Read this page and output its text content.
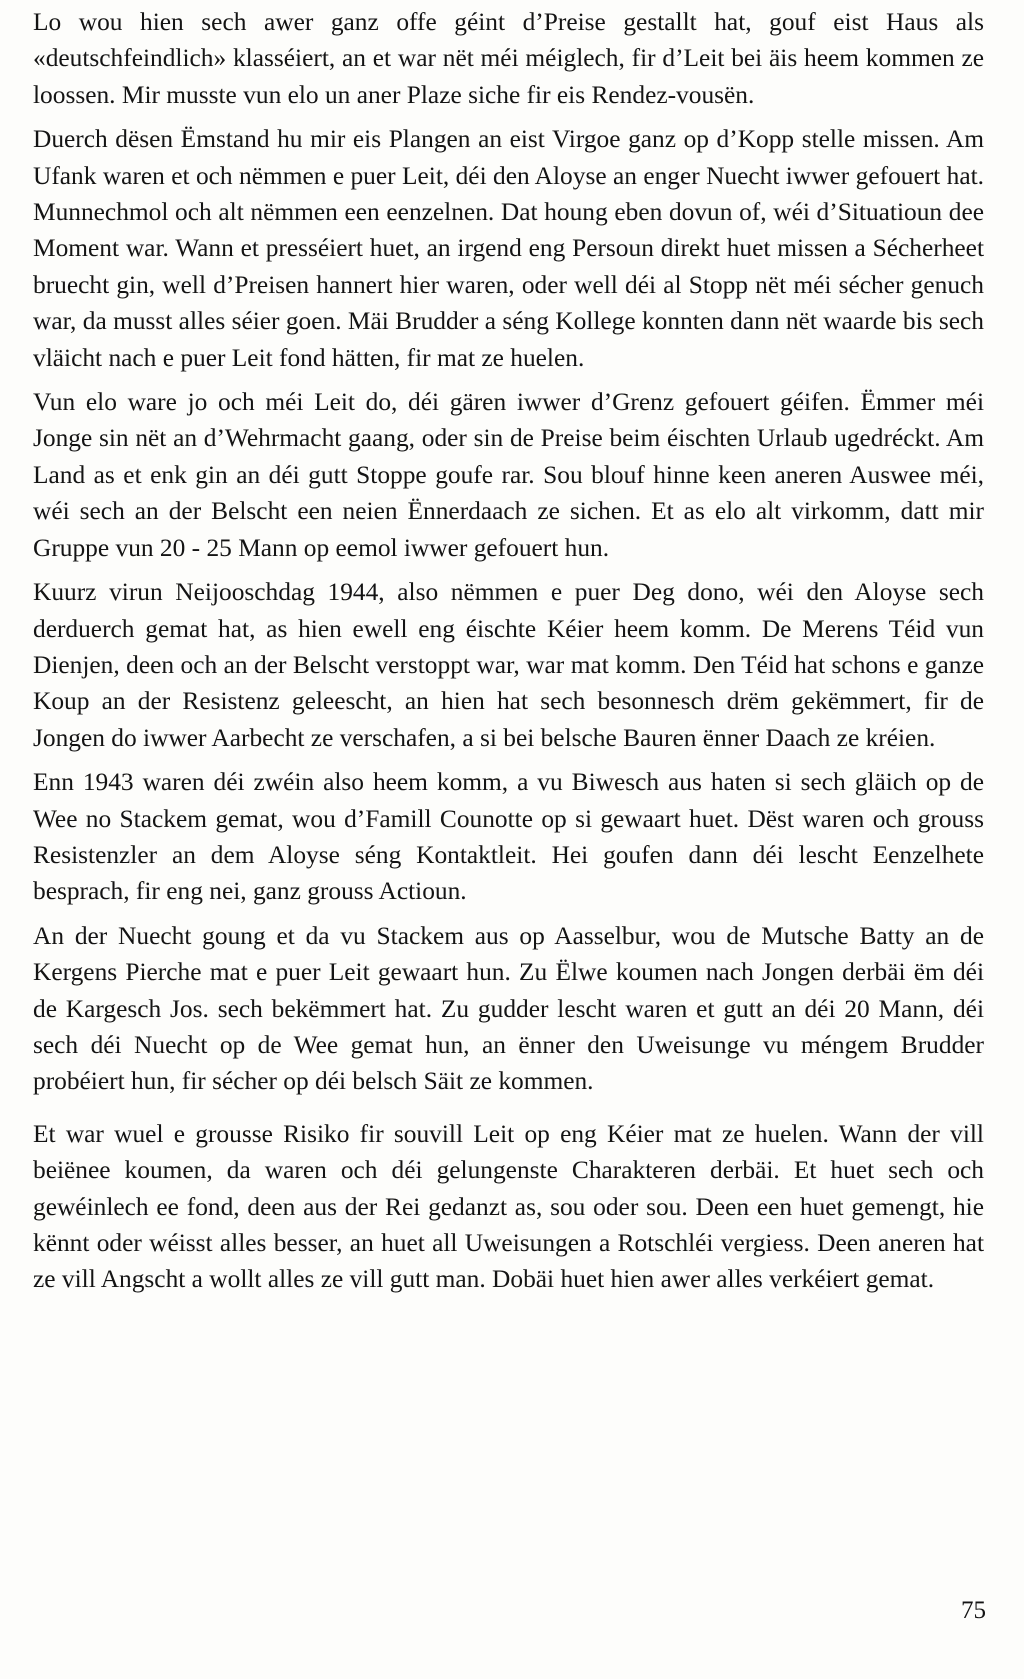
Lo wou hien sech awer ganz offe géint d’Preise gestallt hat, gouf eist Haus als «deutschfeindlich» klasséiert, an et war nët méi méiglech, fir d’Leit bei äis heem kommen ze loossen. Mir musste vun elo un aner Plaze siche fir eis Rendez-vousën.

Duerch dësen Ëmstand hu mir eis Plangen an eist Virgoe ganz op d’Kopp stelle missen. Am Ufank waren et och nëmmen e puer Leit, déi den Aloyse an enger Nuecht iwwer gefouert hat. Munnechmol och alt nëmmen een eenzelnen. Dat houng eben dovun of, wéi d’Situatioun dee Moment war. Wann et presséiert huet, an irgend eng Persoun direkt huet missen a Sécherheet bruecht gin, well d’Preisen hannert hier waren, oder well déi al Stopp nët méi sécher genuch war, da musst alles séier goen. Mäi Brudder a séng Kollege konnten dann nët waarde bis sech vläicht nach e puer Leit fond hätten, fir mat ze huelen.

Vun elo ware jo och méi Leit do, déi gären iwwer d’Grenz gefouert géifen. Ëmmer méi Jonge sin nët an d’Wehrmacht gaang, oder sin de Preise beim éischten Urlaub ugedréckt. Am Land as et enk gin an déi gutt Stoppe goufe rar. Sou blouf hinne keen aneren Auswee méi, wéi sech an der Belscht een neien Ënnerdaach ze sichen. Et as elo alt virkomm, datt mir Gruppe vun 20 - 25 Mann op eemol iwwer gefouert hun.

Kuurz virun Neijooschdag 1944, also nëmmen e puer Deg dono, wéi den Aloyse sech derduerch gemat hat, as hien ewell eng éischte Kéier heem komm. De Merens Téid vun Dienjen, deen och an der Belscht verstoppt war, war mat komm. Den Téid hat schons e ganze Koup an der Resistenz geleescht, an hien hat sech besonnesch drëm gekëmmert, fir de Jongen do iwwer Aarbecht ze verschafen, a si bei belsche Bauren ënner Daach ze kréien.

Enn 1943 waren déi zwéin also heem komm, a vu Biwesch aus haten si sech gläich op de Wee no Stackem gemat, wou d’Famill Counotte op si gewaart huet. Dëst waren och grouss Resistenzler an dem Aloyse séng Kontaktleit. Hei goufen dann déi lescht Eenzelhete besprach, fir eng nei, ganz grouss Actioun.

An der Nuecht goung et da vu Stackem aus op Aasselbur, wou de Mutsche Batty an de Kergens Pierche mat e puer Leit gewaart hun. Zu Ëlwe koumen nach Jongen derbäi ëm déi de Kargesch Jos. sech bekëmmert hat. Zu gudder lescht waren et gutt an déi 20 Mann, déi sech déi Nuecht op de Wee gemat hun, an ënner den Uweisunge vu méngem Brudder probéiert hun, fir sécher op déi belsch Säit ze kommen.

Et war wuel e grousse Risiko fir souvill Leit op eng Kéier mat ze huelen. Wann der vill beiënee koumen, da waren och déi gelungenste Charakteren derbäi. Et huet sech och gewéinlech ee fond, deen aus der Rei gedanzt as, sou oder sou. Deen een huet gemengt, hie kënnt oder wéisst alles besser, an huet all Uweisungen a Rotschléi vergiess. Deen aneren hat ze vill Angscht a wollt alles ze vill gutt man. Dobäi huet hien awer alles verkéiert gemat.

75
